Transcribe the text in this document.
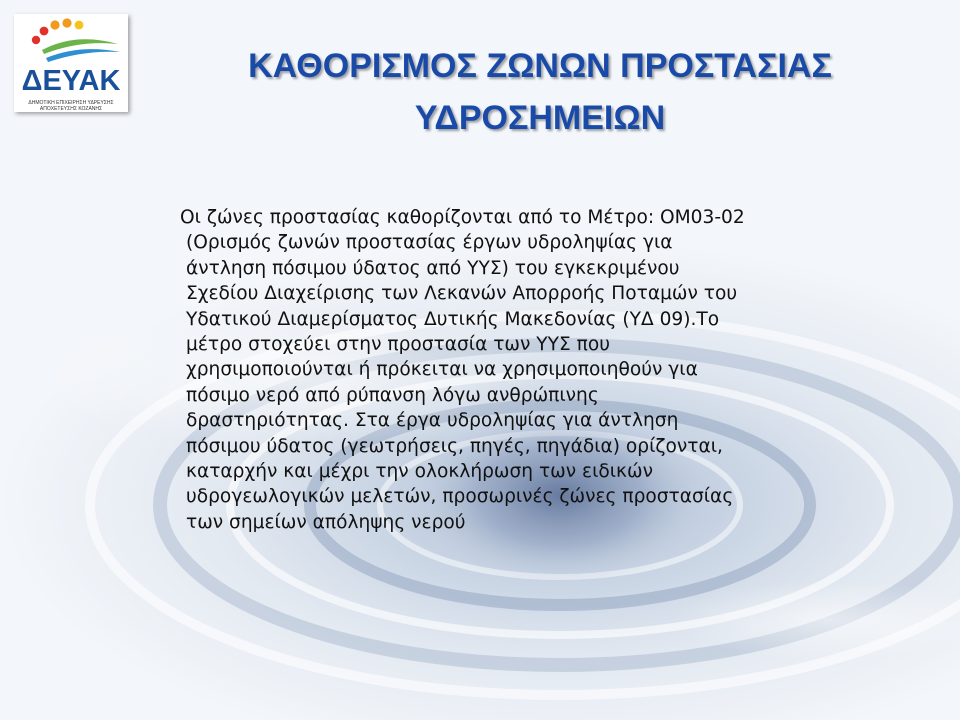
ΔΕΥΑΚ
ΔΗΜΟΤΙΚΗ ΕΠΙΧΕΙΡΗΣΗ ΥΔΡΕΥΣΗΣ
ΑΠΟΧΕΤΕΥΣΗΣ ΚΟΖΑΝΗΣ
ΚΑΘΟΡΙΣΜΟΣ ΖΩΝΩΝ ΠΡΟΣΤΑΣΙΑΣ
ΥΔΡΟΣΗΜΕΙΩΝ
Οι ζώνες προστασίας καθορίζονται από το Μέτρο: ΟΜ03-02
(Ορισμός ζωνών προστασίας έργων υδροληψίας για
άντληση πόσιμου ύδατος από ΥΥΣ) του εγκεκριμένου
Σχεδίου Διαχείρισης των Λεκανών Απορροής Ποταμών του
Υδατικού Διαμερίσματος Δυτικής Μακεδονίας (ΥΔ 09).Το
μέτρο στοχεύει στην προστασία των ΥΥΣ που
χρησιμοποιούνται ή πρόκειται να χρησιμοποιηθούν για
πόσιμο νερό από ρύπανση λόγω ανθρώπινης
δραστηριότητας. Στα έργα υδροληψίας για άντληση
πόσιμου ύδατος (γεωτρήσεις, πηγές, πηγάδια) ορίζονται,
καταρχήν και μέχρι την ολοκλήρωση των ειδικών
υδρογεωλογικών μελετών, προσωρινές ζώνες προστασίας
των σημείων απόληψης νερού
